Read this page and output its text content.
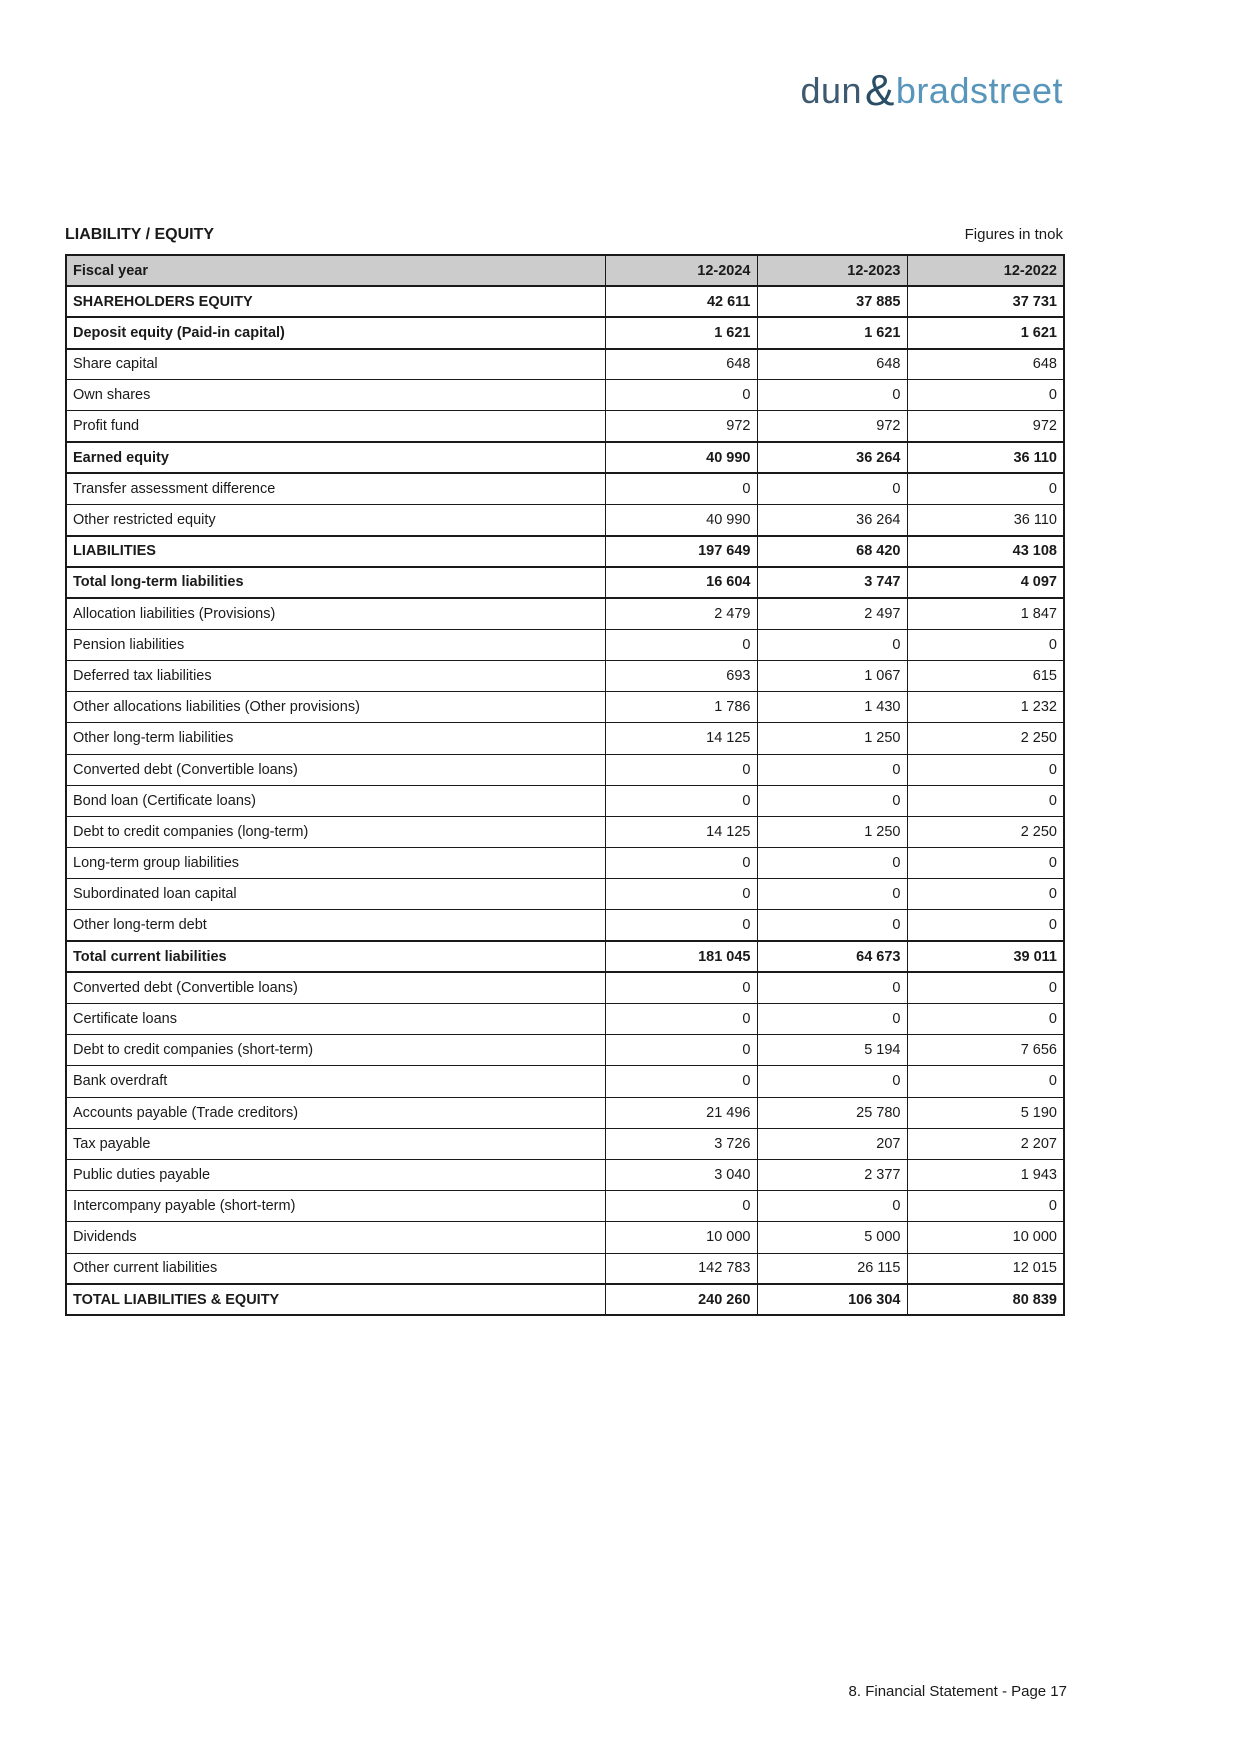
dun & bradstreet
LIABILITY / EQUITY	Figures in tnok
Fiscal year	12-2024	12-2023	12-2022
SHAREHOLDERS EQUITY	42 611	37 885	37 731
Deposit equity (Paid-in capital)	1 621	1 621	1 621
Share capital	648	648	648
Own shares	0	0	0
Profit fund	972	972	972
Earned equity	40 990	36 264	36 110
Transfer assessment difference	0	0	0
Other restricted equity	40 990	36 264	36 110
LIABILITIES	197 649	68 420	43 108
Total long-term liabilities	16 604	3 747	4 097
Allocation liabilities (Provisions)	2 479	2 497	1 847
Pension liabilities	0	0	0
Deferred tax liabilities	693	1 067	615
Other allocations liabilities (Other provisions)	1 786	1 430	1 232
Other long-term liabilities	14 125	1 250	2 250
Converted debt (Convertible loans)	0	0	0
Bond loan (Certificate loans)	0	0	0
Debt to credit companies (long-term)	14 125	1 250	2 250
Long-term group liabilities	0	0	0
Subordinated loan capital	0	0	0
Other long-term debt	0	0	0
Total current liabilities	181 045	64 673	39 011
Converted debt (Convertible loans)	0	0	0
Certificate loans	0	0	0
Debt to credit companies (short-term)	0	5 194	7 656
Bank overdraft	0	0	0
Accounts payable (Trade creditors)	21 496	25 780	5 190
Tax payable	3 726	207	2 207
Public duties payable	3 040	2 377	1 943
Intercompany payable (short-term)	0	0	0
Dividends	10 000	5 000	10 000
Other current liabilities	142 783	26 115	12 015
TOTAL LIABILITIES & EQUITY	240 260	106 304	80 839
8. Financial Statement - Page 17
